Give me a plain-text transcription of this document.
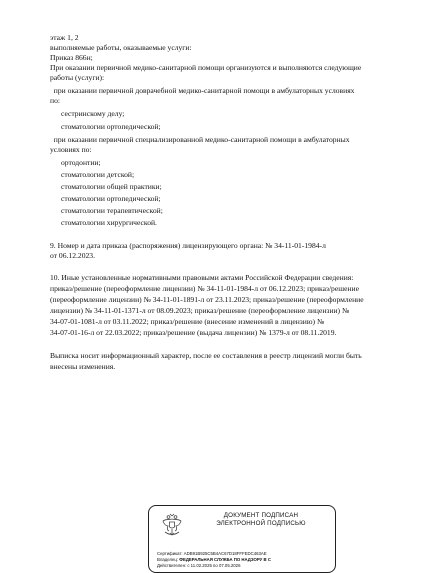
этаж 1, 2

выполняемые работы, оказываемые услуги:

Приказ 866н;

При оказании первичной медико-санитарной помощи организуются и выполняются следующие

работы (услуги):

при оказании первичной доврачебной медико-санитарной помощи в амбулаторных условиях

по:

сестринскому делу;

стоматологии ортопедической;

при оказании первичной специализированной медико-санитарной помощи в амбулаторных

условиях по:

ортодонтии;

стоматологии детской;

стоматологии общей практики;

стоматологии ортопедической;

стоматологии терапевтической;

стоматологии хирургической.

9. Номер и дата приказа (распоряжения) лицензирующего органа: № 34-11-01-1984-л

от 06.12.2023.

10. Иные установленные нормативными правовыми актами Российской Федерации сведения:

приказ/решение (переоформление лицензии) № 34-11-01-1984-л от 06.12.2023; приказ/решение

(переоформление лицензии) № 34-11-01-1891-л от 23.11.2023; приказ/решение (переоформление

лицензии) № 34-11-01-1371-л от 08.09.2023; приказ/решение (переоформление лицензии) №

34-07-01-1081-л от 03.11.2022; приказ/решение (внесение изменений в лицензию) №

34-07-01-16-л от 22.03.2022; приказ/решение (выдача лицензии) № 1379-л от 08.11.2019.

Выписка носит информационный характер, после ее составления в реестр лицензий могли быть

внесены изменения.

ДОКУМЕНТ ПОДПИСАН
ЭЛЕКТРОННОЙ ПОДПИСЬЮ

Сертификат: ADB91B925C5B4AC67D18FFFEDC463AE

Владелец: ФЕДЕРАЛЬНАЯ СЛУЖБА ПО НАДЗОРУ В С

Действителен: с 11.02.2025 по 07.05.2026
